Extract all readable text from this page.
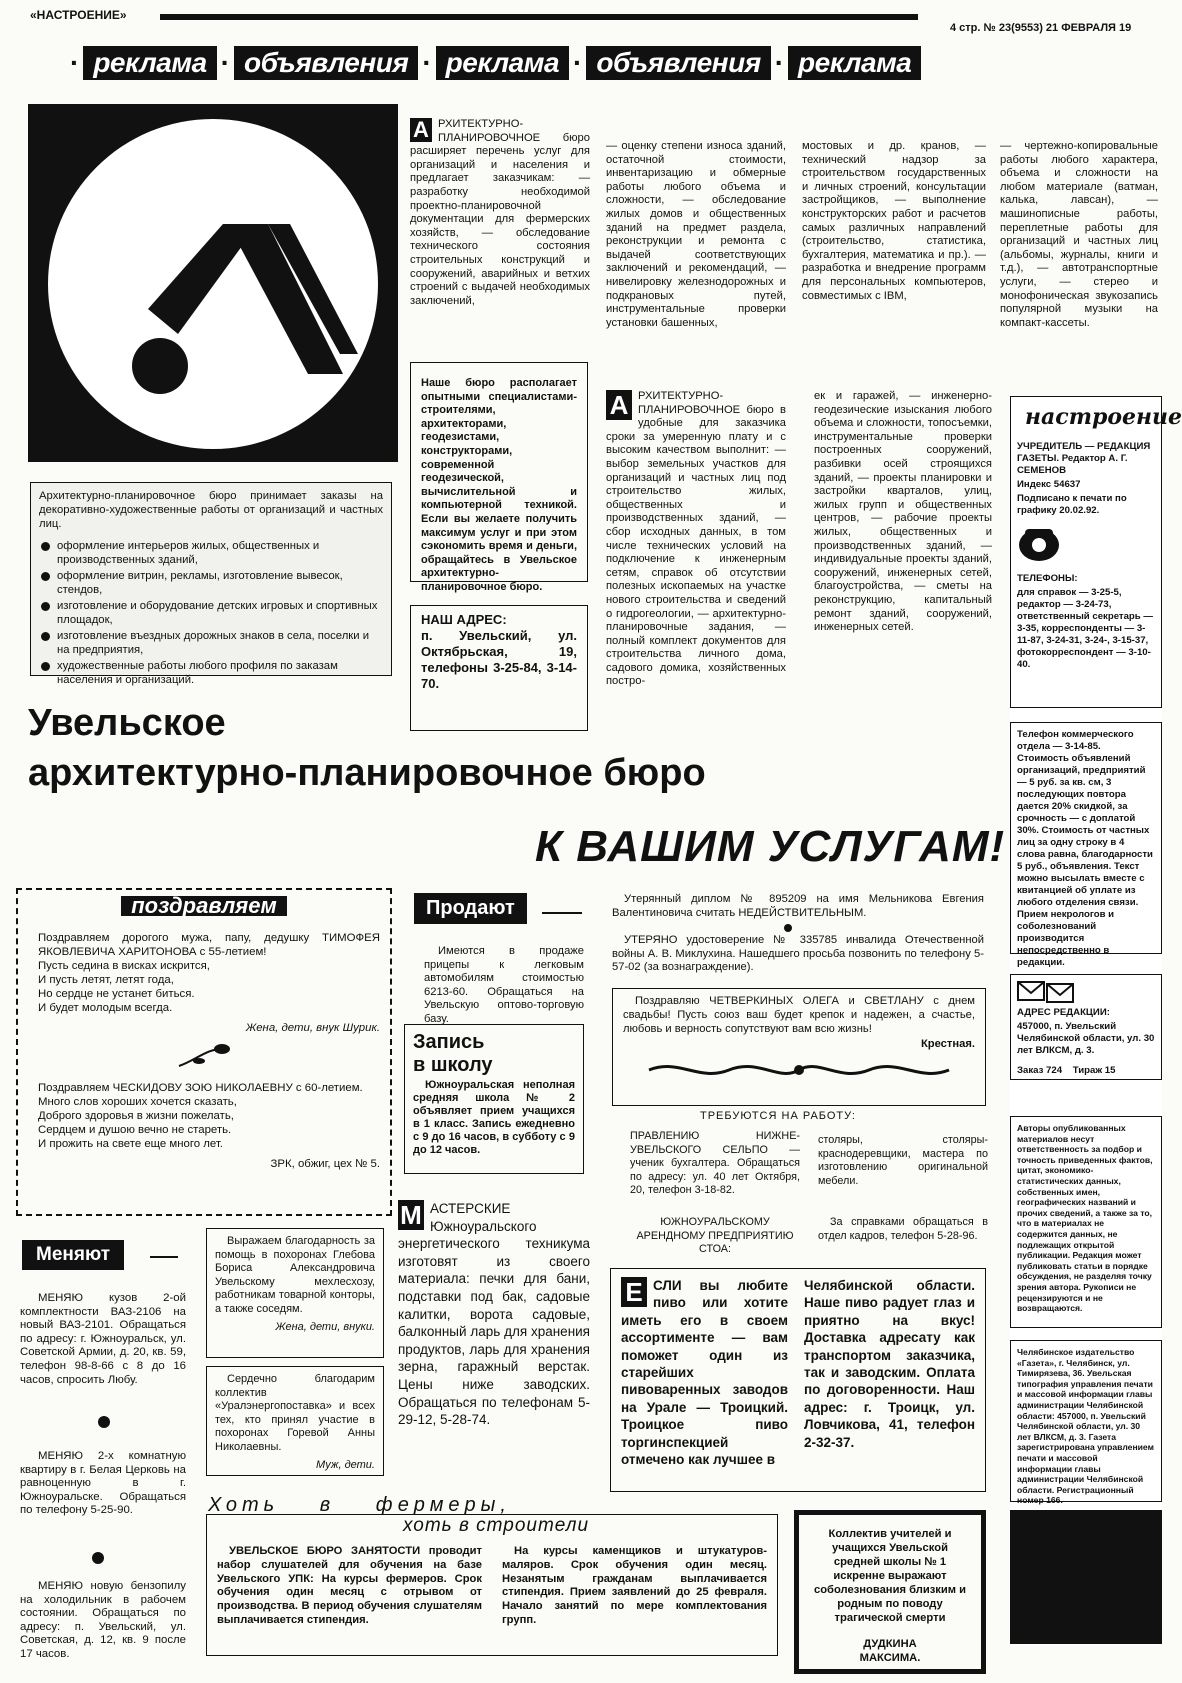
«НАСТРОЕНИЕ»
4 стр. № 23(9553) 21 ФЕВРАЛЯ 19
· реклама · объявления · реклама · объявления · реклама
Архитектурно-планировочное бюро принимает заказы на декоративно-художественные работы от организаций и частных лиц.
оформление интерьеров жилых, общественных и производственных зданий,
оформление витрин, рекламы, изготовление вывесок, стендов,
изготовление и оборудование детских игровых и спортивных площадок,
изготовление въездных дорожных знаков в села, поселки и на предприятия,
художественные работы любого профиля по заказам населения и организаций.
А РХИТЕКТУРНО-ПЛАНИРОВОЧНОЕ бюро расширяет перечень услуг для организаций и населения и предлагает заказчикам: — разработку необходимой проектно-планировочной документации для фермерских хозяйств, — обследование технического состояния строительных конструкций и сооружений, аварийных и ветхих строений с выдачей необходимых заключений,
— оценку степени износа зданий, остаточной стоимости, инвентаризацию и обмерные работы любого объема и сложности, — обследование жилых домов и общественных зданий на предмет раздела, реконструкции и ремонта с выдачей соответствующих заключений и рекомендаций, — нивелировку железнодорожных и подкрановых путей, инструментальные проверки установки башенных,
мостовых и др. кранов, — технический надзор за строительством государственных и личных строений, консультации застройщиков, — выполнение конструкторских работ и расчетов самых различных направлений (строительство, статистика, бухгалтерия, математика и пр.). — разработка и внедрение программ для персональных компьютеров, совместимых с IBM,
— чертежно-копировальные работы любого характера, объема и сложности на любом материале (ватман, калька, лавсан), — машинописные работы, переплетные работы для организаций и частных лиц (альбомы, журналы, книги и т.д.), — автотранспортные услуги, — стерео и монофоническая звукозапись популярной музыки на компакт-кассеты.
Наше бюро располагает опытными специалистами-строителями, архитекторами, геодезистами, конструкторами, современной геодезической, вычислительной и компьютерной техникой. Если вы желаете получить максимум услуг и при этом сэкономить время и деньги, обращайтесь в Увельское архитектурно-планировочное бюро.
НАШ АДРЕС:
п. Увельский, ул. Октябрьская, 19, телефоны 3-25-84, 3-14-70.
А РХИТЕКТУРНО-ПЛАНИРОВОЧНОЕ бюро в удобные для заказчика сроки за умеренную плату и с высоким качеством выполнит: — выбор земельных участков для организаций и частных лиц под строительство жилых, общественных и производственных зданий, — сбор исходных данных, в том числе технических условий на подключение к инженерным сетям, справок об отсутствии полезных ископаемых на участке нового строительства и сведений о гидрогеологии, — архитектурно-планировочные задания, — полный комплект документов для строительства личного дома, садового домика, хозяйственных постро-
ек и гаражей, — инженерно-геодезические изыскания любого объема и сложности, топосъемки, инструментальные проверки построенных сооружений, разбивки осей строящихся зданий, — проекты планировки и застройки кварталов, улиц, жилых групп и общественных центров, — рабочие проекты жилых, общественных и производственных зданий, — индивидуальные проекты зданий, сооружений, инженерных сетей, благоустройства, — сметы на реконструкцию, капитальный ремонт зданий, сооружений, инженерных сетей.
Увельское
архитектурно-планировочное бюро
К ВАШИМ УСЛУГАМ!
настроение

УЧРЕДИТЕЛЬ — РЕДАКЦИЯ ГАЗЕТЫ. Редактор А. Г. СЕМЕНОВ

Индекс 54637

Подписано к печати по графику 20.02.92.

ТЕЛЕФОНЫ:

для справок — 3-25-5, редактор — 3-24-73, ответственный секретарь — 3-35, корреспонденты — 3-11-87, 3-24-31, 3-24-, 3-15-37, фотокорреспондент — 3-10-40.

Телефон коммерческого отдела — 3-14-85. Стоимость объявлений организаций, предприятий — 5 руб. за кв. см, 3 последующих повтора дается 20% скидкой, за срочность — с доплатой 30%. Стоимость от частных лиц за одну строку в 4 слова равна, благодарности 5 руб., объявления. Текст можно высылать вместе с квитанцией об уплате из любого отделения связи. Прием некрологов и соболезнований производится непосредственно в редакции.

АДРЕС РЕДАКЦИИ:

457000, п. Увельский Челябинской области, ул. 30 лет ВЛКСМ, д. 3.

Заказ 724 Тираж 15

Авторы опубликованных материалов несут ответственность за подбор и точность приведенных фактов, цитат, экономико-статистических данных, собственных имен, географических названий и прочих сведений, а также за то, что в материалах не содержится данных, не подлежащих открытой публикации. Редакция может публиковать статьи в порядке обсуждения, не разделяя точку зрения автора. Рукописи не рецензируются и не возвращаются.
Челябинское издательство «Газета», г. Челябинск, ул. Тимирязева, 36. Увельская типография управления печати и массовой информации главы администрации Челябинской области: 457000, п. Увельский Челябинской области, ул. 30 лет ВЛКСМ, д. 3. Газета зарегистрирована управлением печати и массовой информации главы администрации Челябинской области. Регистрационный номер 166.
поздравляем
Поздравляем дорогого мужа, папу, дедушку ТИМОФЕЯ ЯКОВЛЕВИЧА ХАРИТОНОВА с 55-летием!
Пусть седина в висках искрится,
И пусть летят, летят года,
Но сердце не устанет биться.
И будет молодым всегда.
Жена, дети, внук Шурик.
Поздравляем ЧЕСКИДОВУ ЗОЮ НИКОЛАЕВНУ с 60-летием.
Много слов хороших хочется сказать,
Доброго здоровья в жизни пожелать,
Сердцем и душою вечно не стареть.
И прожить на свете еще много лет.
ЗРК, обжиг, цех № 5.
Продают
Имеются в продаже прицепы к легковым автомобилям стоимостью 6213-60. Обращаться на Увельскую оптово-торговую базу.
Запись
в школу
Южноуральская неполная средняя школа № 2 объявляет прием учащихся в 1 класс. Запись ежедневно с 9 до 16 часов, в субботу с 9 до 12 часов.
Утерянный диплом № 895209 на имя Мельникова Евгения Валентиновича считать НЕДЕЙСТВИТЕЛЬНЫМ.
УТЕРЯНО удостоверение № 335785 инвалида Отечественной войны А. В. Миклухина. Нашедшего просьба позвонить по телефону 5-57-02 (за вознаграждение).
Поздравляю ЧЕТВЕРКИНЫХ ОЛЕГА и СВЕТЛАНУ с днем свадьбы! Пусть союз ваш будет крепок и надежен, а счастье, любовь и верность сопутствуют вам всю жизнь!
Крестная.
ТРЕБУЮТСЯ НА РАБОТУ:
ПРАВЛЕНИЮ НИЖНЕ-УВЕЛЬСКОГО СЕЛЬПО — ученик бухгалтера. Обращаться по адресу: ул. 40 лет Октября, 20, телефон 3-18-82.
столяры, столяры-краснодеревщики, мастера по изготовлению оригинальной мебели.
ЮЖНОУРАЛЬСКОМУ АРЕНДНОМУ ПРЕДПРИЯТИЮ СТОА:
За справками обращаться в отдел кадров, телефон 5-28-96.
М АСТЕРСКИЕ Южноуральского энергетического техникума изготовят из своего материала: печки для бани, подставки под бак, садовые калитки, ворота садовые, балконный ларь для хранения продуктов, ларь для хранения зерна, гаражный верстак. Цены ниже заводских. Обращаться по телефонам 5-29-12, 5-28-74.
Е СЛИ вы любите пиво или хотите иметь его в своем ассортименте — вам поможет один из старейших пивоваренных заводов на Урале — Троицкий. Троицкое пиво торгинспекцией отмечено как лучшее в
Челябинской области. Наше пиво радует глаз и приятно на вкус! Доставка адресату как транспортом заказчика, так и заводским. Оплата по договоренности. Наш адрес: г. Троицк, ул. Ловчикова, 41, телефон 2-32-37.
Меняют
МЕНЯЮ кузов 2-ой комплектности ВАЗ-2106 на новый ВАЗ-2101. Обращаться по адресу: г. Южноуральск, ул. Советской Армии, д. 20, кв. 59, телефон 98-8-66 с 8 до 16 часов, спросить Любу.
МЕНЯЮ 2-х комнатную квартиру в г. Белая Церковь на равноценную в г. Южноуральске. Обращаться по телефону 5-25-90.
МЕНЯЮ новую бензопилу на холодильник в рабочем состоянии. Обращаться по адресу: п. Увельский, ул. Советская, д. 12, кв. 9 после 17 часов.
Выражаем благодарность за помощь в похоронах Глебова Бориса Александровича Увельскому мехлесхозу, работникам товарной конторы, а также соседям.
Жена, дети, внуки.
Сердечно благодарим коллектив «Уралэнергопоставка» и всех тех, кто принял участие в похоронах Горевой Анны Николаевны.
Муж, дети.
Хоть в фермеры,
хоть в строители
УВЕЛЬСКОЕ БЮРО ЗАНЯТОСТИ проводит набор слушателей для обучения на базе Увельского УПК: На курсы фермеров. Срок обучения один месяц с отрывом от производства. В период обучения слушателям выплачивается стипендия.
На курсы каменщиков и штукатуров-маляров. Срок обучения один месяц. Незанятым гражданам выплачивается стипендия. Прием заявлений до 25 февраля. Начало занятий по мере комплектования групп.
Коллектив учителей и учащихся Увельской средней школы № 1 искренне выражают соболезнования близким и родным по поводу трагической смерти
ДУДКИНА МАКСИМА.
